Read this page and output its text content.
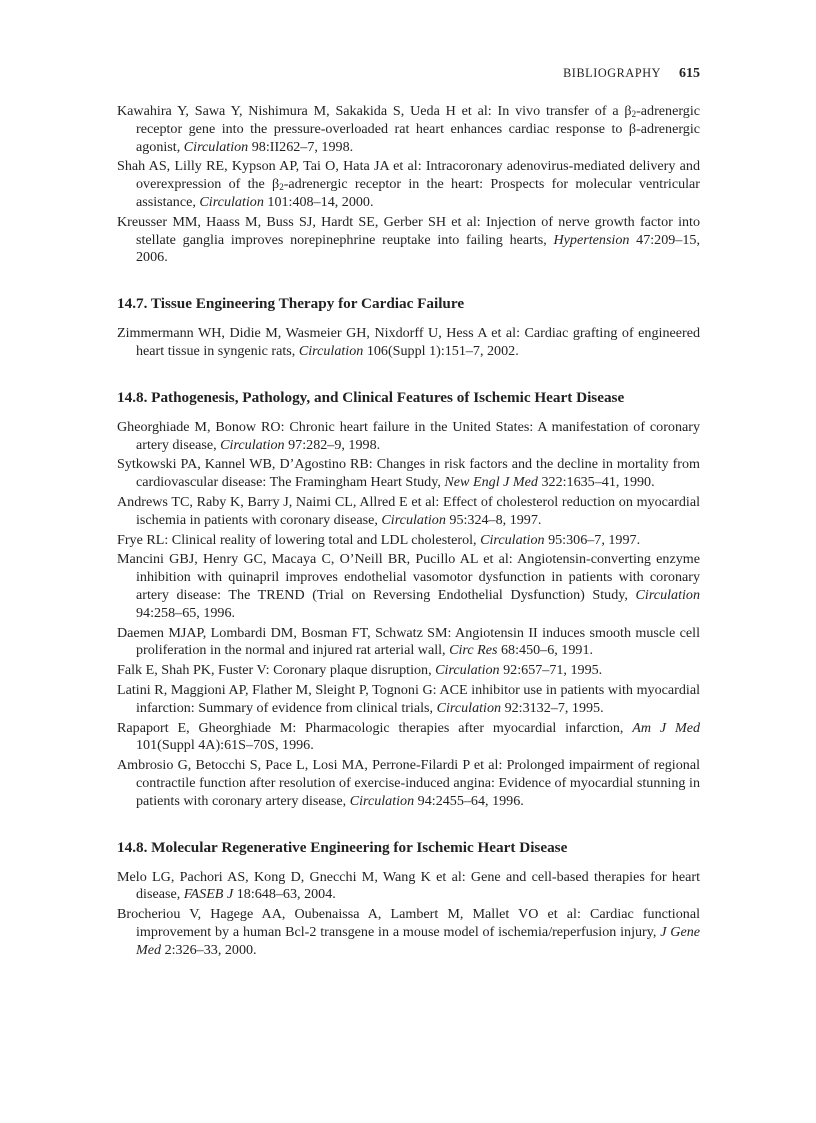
BIBLIOGRAPHY 615

Kawahira Y, Sawa Y, Nishimura M, Sakakida S, Ueda H et al: In vivo transfer of a $\beta_2$-adrenergic receptor gene into the pressure-overloaded rat heart enhances cardiac response to β-adrenergic agonist, Circulation 98:II262–7, 1998.

Shah AS, Lilly RE, Kypson AP, Tai O, Hata JA et al: Intracoronary adenovirus-mediated delivery and overexpression of the $\beta_2$-adrenergic receptor in the heart: Prospects for molecular ventricular assistance, Circulation 101:408–14, 2000.

Kreusser MM, Haass M, Buss SJ, Hardt SE, Gerber SH et al: Injection of nerve growth factor into stellate ganglia improves norepinephrine reuptake into failing hearts, Hypertension 47:209–15, 2006.

14.7. Tissue Engineering Therapy for Cardiac Failure

Zimmermann WH, Didie M, Wasmeier GH, Nixdorff U, Hess A et al: Cardiac grafting of engineered heart tissue in syngenic rats, Circulation 106(Suppl 1):151–7, 2002.

14.8. Pathogenesis, Pathology, and Clinical Features of Ischemic Heart Disease

Gheorghiade M, Bonow RO: Chronic heart failure in the United States: A manifestation of coronary artery disease, Circulation 97:282–9, 1998.

Sytkowski PA, Kannel WB, D’Agostino RB: Changes in risk factors and the decline in mortality from cardiovascular disease: The Framingham Heart Study, New Engl J Med 322:1635–41, 1990.

Andrews TC, Raby K, Barry J, Naimi CL, Allred E et al: Effect of cholesterol reduction on myocardial ischemia in patients with coronary disease, Circulation 95:324–8, 1997.

Frye RL: Clinical reality of lowering total and LDL cholesterol, Circulation 95:306–7, 1997.

Mancini GBJ, Henry GC, Macaya C, O’Neill BR, Pucillo AL et al: Angiotensin-converting enzyme inhibition with quinapril improves endothelial vasomotor dysfunction in patients with coronary artery disease: The TREND (Trial on Reversing Endothelial Dysfunction) Study, Circulation 94:258–65, 1996.

Daemen MJAP, Lombardi DM, Bosman FT, Schwatz SM: Angiotensin II induces smooth muscle cell proliferation in the normal and injured rat arterial wall, Circ Res 68:450–6, 1991.

Falk E, Shah PK, Fuster V: Coronary plaque disruption, Circulation 92:657–71, 1995.

Latini R, Maggioni AP, Flather M, Sleight P, Tognoni G: ACE inhibitor use in patients with myocardial infarction: Summary of evidence from clinical trials, Circulation 92:3132–7, 1995.

Rapaport E, Gheorghiade M: Pharmacologic therapies after myocardial infarction, Am J Med 101(Suppl 4A):61S–70S, 1996.

Ambrosio G, Betocchi S, Pace L, Losi MA, Perrone-Filardi P et al: Prolonged impairment of regional contractile function after resolution of exercise-induced angina: Evidence of myocardial stunning in patients with coronary artery disease, Circulation 94:2455–64, 1996.

14.8. Molecular Regenerative Engineering for Ischemic Heart Disease

Melo LG, Pachori AS, Kong D, Gnecchi M, Wang K et al: Gene and cell-based therapies for heart disease, FASEB J 18:648–63, 2004.

Brocheriou V, Hagege AA, Oubenaissa A, Lambert M, Mallet VO et al: Cardiac functional improvement by a human Bcl-2 transgene in a mouse model of ischemia/reperfusion injury, J Gene Med 2:326–33, 2000.
